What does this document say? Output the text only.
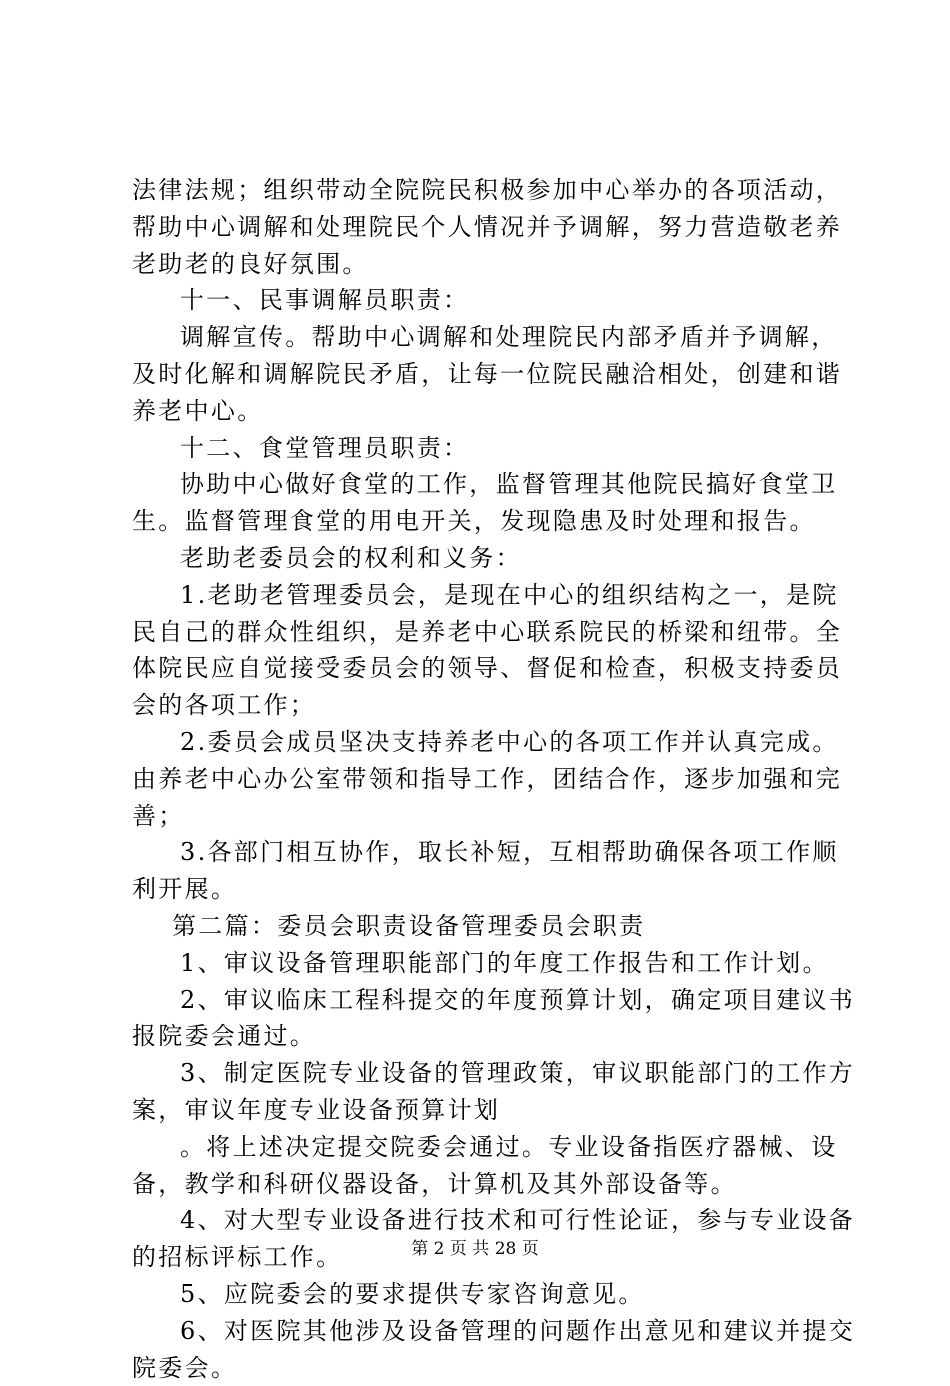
法律法规；组织带动全院院民积极参加中心举办的各项活动，
帮助中心调解和处理院民个人情况并予调解，努力营造敬老养
老助老的良好氛围。
十一、民事调解员职责：
调解宣传。帮助中心调解和处理院民内部矛盾并予调解，
及时化解和调解院民矛盾，让每一位院民融洽相处，创建和谐
养老中心。
十二、食堂管理员职责：
协助中心做好食堂的工作，监督管理其他院民搞好食堂卫
生。监督管理食堂的用电开关，发现隐患及时处理和报告。
老助老委员会的权利和义务：
1.老助老管理委员会，是现在中心的组织结构之一，是院
民自己的群众性组织，是养老中心联系院民的桥梁和纽带。全
体院民应自觉接受委员会的领导、督促和检查，积极支持委员
会的各项工作；
2.委员会成员坚决支持养老中心的各项工作并认真完成。
由养老中心办公室带领和指导工作，团结合作，逐步加强和完
善；
3.各部门相互协作，取长补短，互相帮助确保各项工作顺
利开展。
第二篇：委员会职责设备管理委员会职责
1、审议设备管理职能部门的年度工作报告和工作计划。
2、审议临床工程科提交的年度预算计划，确定项目建议书
报院委会通过。
3、制定医院专业设备的管理政策，审议职能部门的工作方
案，审议年度专业设备预算计划
。将上述决定提交院委会通过。专业设备指医疗器械、设
备，教学和科研仪器设备，计算机及其外部设备等。
4、对大型专业设备进行技术和可行性论证，参与专业设备
的招标评标工作。
5、应院委会的要求提供专家咨询意见。
6、对医院其他涉及设备管理的问题作出意见和建议并提交
院委会。
第 2 页 共 28 页
